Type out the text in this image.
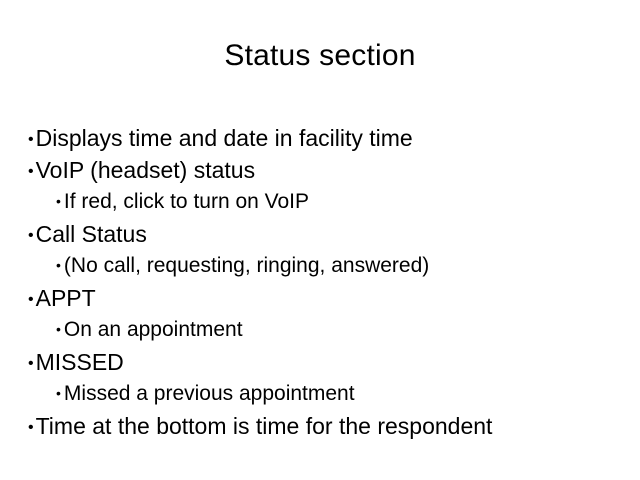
Status section
•Displays time and date in facility time
•VoIP (headset) status
• If red, click to turn on VoIP
•Call Status
• (No call, requesting, ringing, answered)
•APPT
• On an appointment
•MISSED
• Missed a previous appointment
•Time at the bottom is time for the respondent
